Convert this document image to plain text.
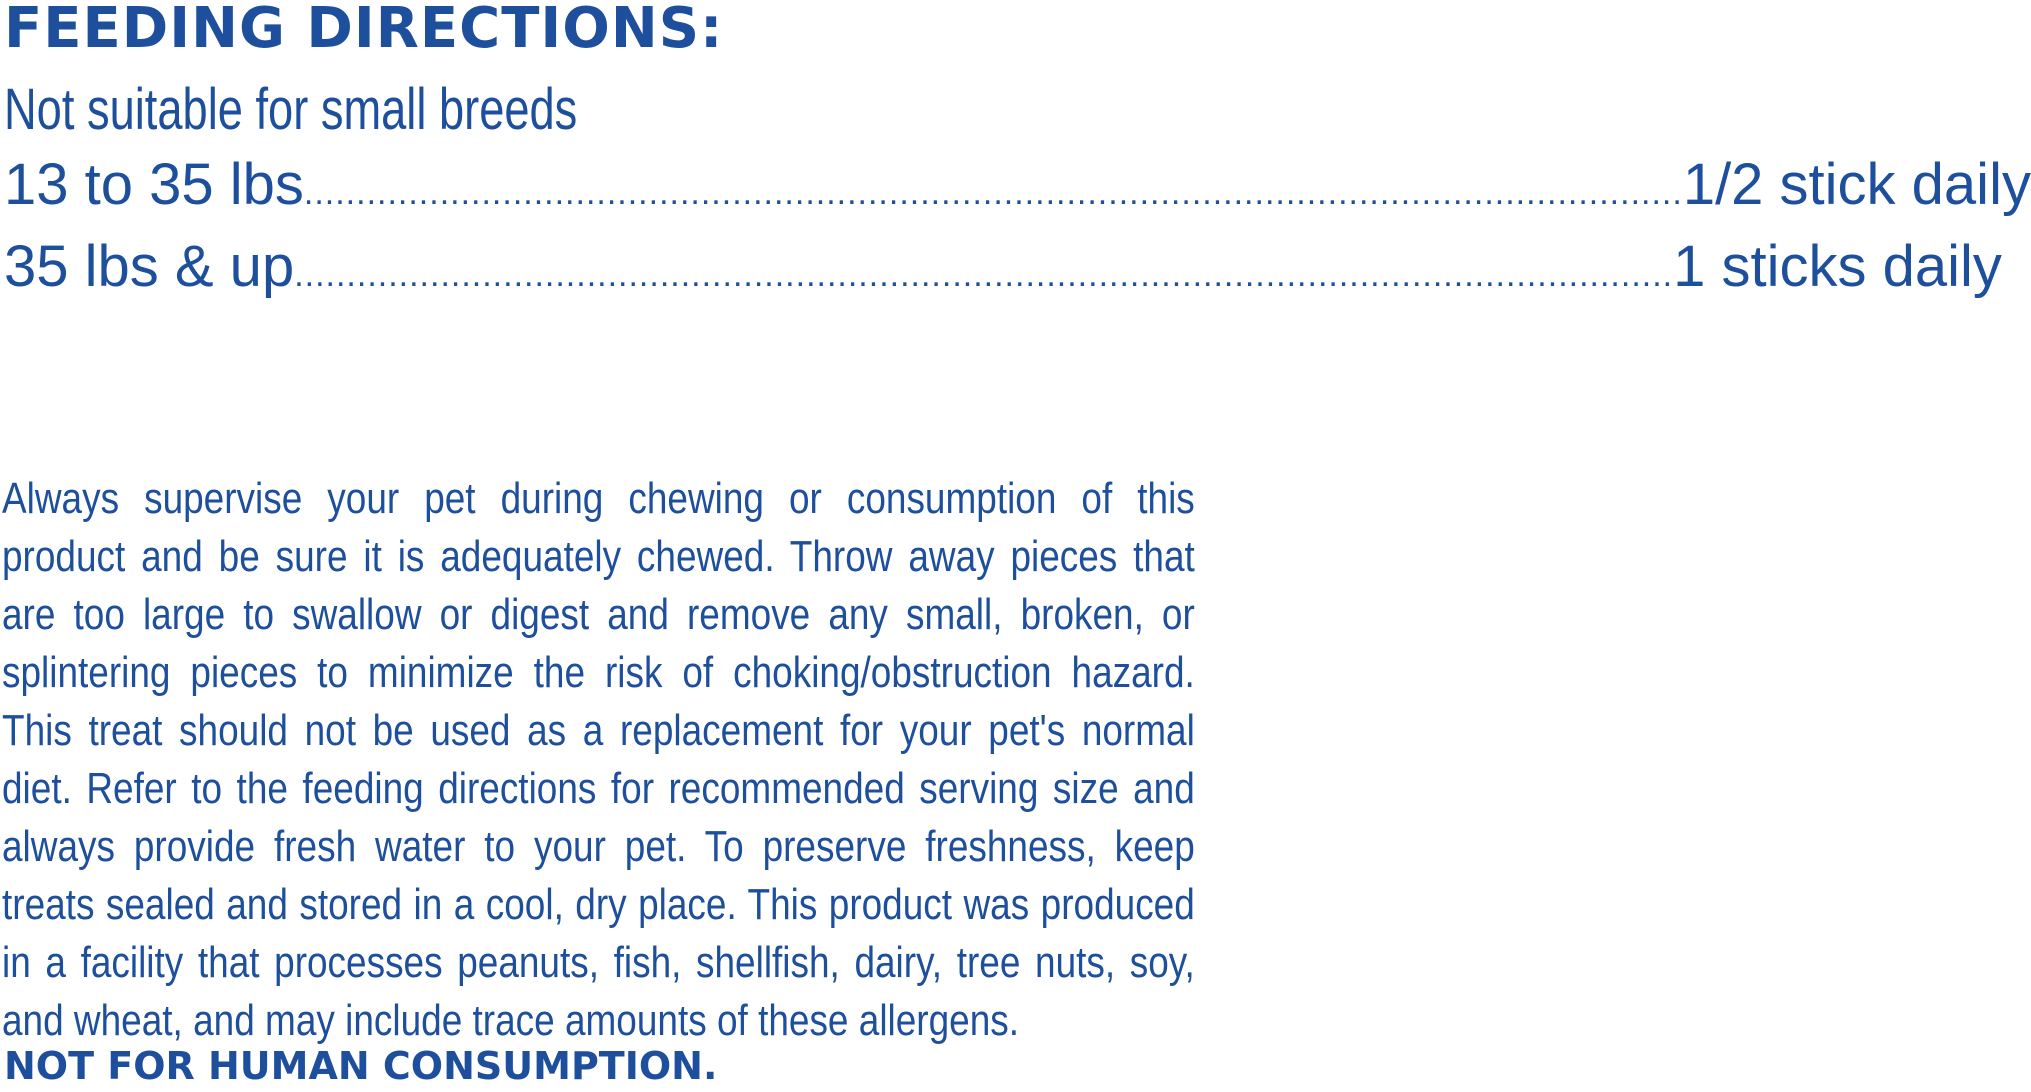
FEEDING DIRECTIONS:
Not suitable for small breeds
13 to 35 lbs .................................................................................................................................... 1/2 stick daily
35 lbs & up .................................................................................................................................... 1 sticks daily

Always supervise your pet during chewing or consumption of this product and be sure it is adequately chewed. Throw away pieces that are too large to swallow or digest and remove any small, broken, or splintering pieces to minimize the risk of choking/obstruction hazard. This treat should not be used as a replacement for your pet's normal diet. Refer to the feeding directions for recommended serving size and always provide fresh water to your pet. To preserve freshness, keep treats sealed and stored in a cool, dry place. This product was produced in a facility that processes peanuts, fish, shellfish, dairy, tree nuts, soy, and wheat, and may include trace amounts of these allergens.

NOT FOR HUMAN CONSUMPTION.
